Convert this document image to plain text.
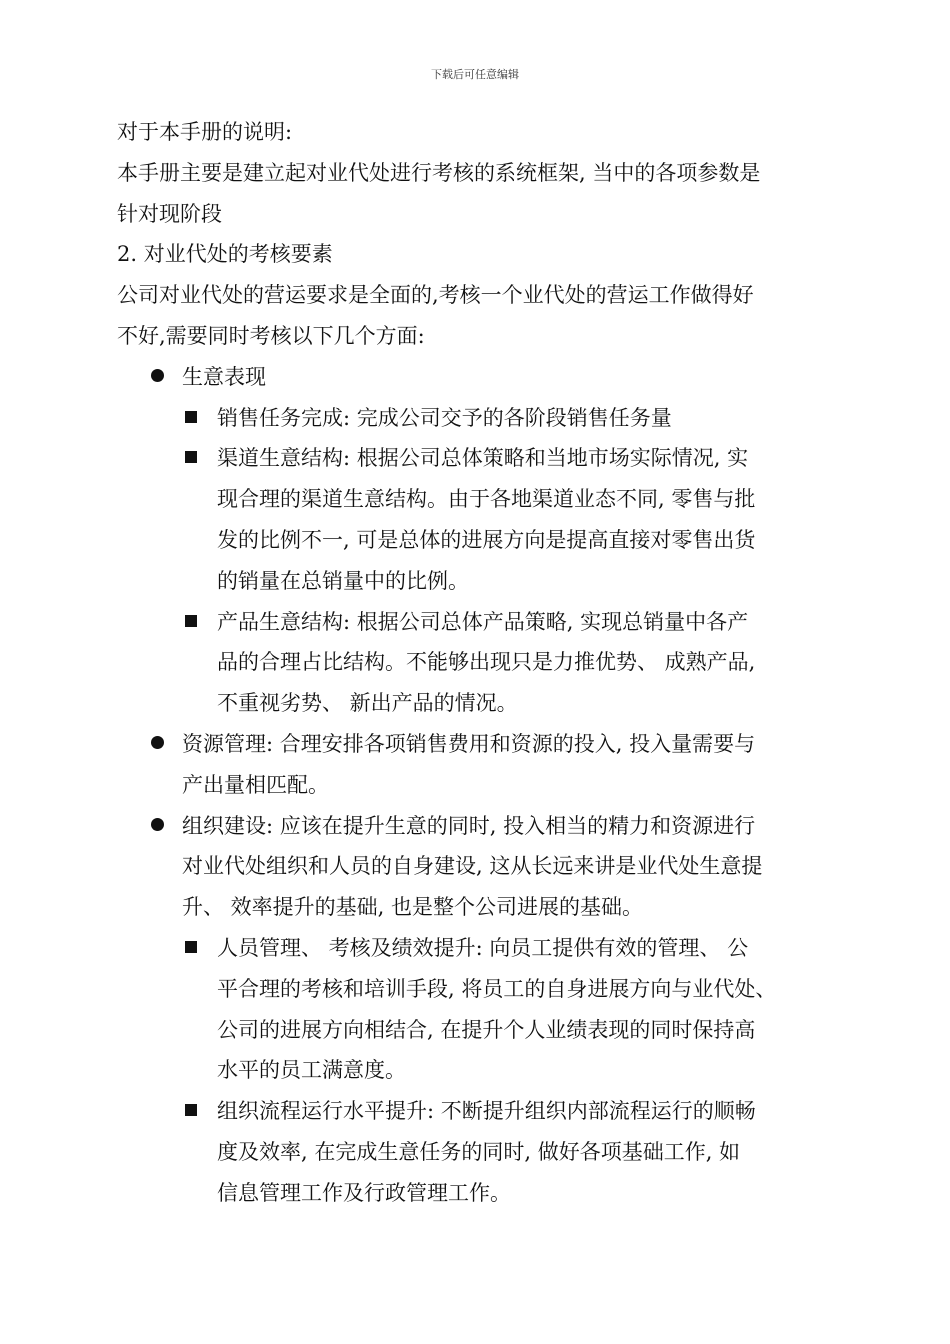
下载后可任意编辑
对于本手册的说明:
本手册主要是建立起对业代处进行考核的系统框架, 当中的各项参数是
针对现阶段
2. 对业代处的考核要素
公司对业代处的营运要求是全面的,考核一个业代处的营运工作做得好
不好,需要同时考核以下几个方面:
生意表现
销售任务完成: 完成公司交予的各阶段销售任务量
渠道生意结构: 根据公司总体策略和当地市场实际情况, 实
现合理的渠道生意结构。由于各地渠道业态不同, 零售与批
发的比例不一, 可是总体的进展方向是提高直接对零售出货
的销量在总销量中的比例。
产品生意结构: 根据公司总体产品策略, 实现总销量中各产
品的合理占比结构。不能够出现只是力推优势、 成熟产品,
不重视劣势、 新出产品的情况。
资源管理: 合理安排各项销售费用和资源的投入, 投入量需要与
产出量相匹配。
组织建设: 应该在提升生意的同时, 投入相当的精力和资源进行
对业代处组织和人员的自身建设, 这从长远来讲是业代处生意提
升、 效率提升的基础, 也是整个公司进展的基础。
人员管理、 考核及绩效提升: 向员工提供有效的管理、 公
平合理的考核和培训手段, 将员工的自身进展方向与业代处、
公司的进展方向相结合, 在提升个人业绩表现的同时保持高
水平的员工满意度。
组织流程运行水平提升: 不断提升组织内部流程运行的顺畅
度及效率, 在完成生意任务的同时, 做好各项基础工作, 如
信息管理工作及行政管理工作。
